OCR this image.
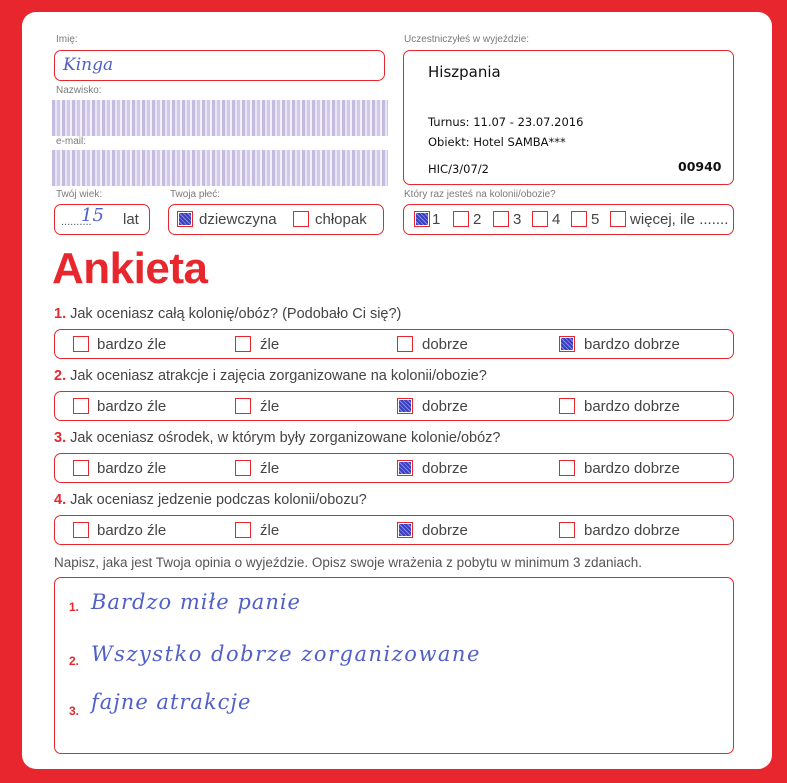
Imię:
Kinga
Nazwisko:
e-mail:
Twój wiek:
..........
15 lat
Twoja płeć:
dziewczyna	chłopak
Uczestniczyłeś w wyjeździe:
Hiszpania
Turnus: 11.07 - 23.07.2016
Obiekt: Hotel SAMBA***
HIC/3/07/2	00940
Który raz jesteś na kolonii/obozie?
1 2 3 4 5 więcej, ile .......
Ankieta
1. Jak oceniasz całą kolonię/obóz? (Podobało Ci się?)
bardzo źle	źle	dobrze	bardzo dobrze
2. Jak oceniasz atrakcje i zajęcia zorganizowane na kolonii/obozie?
bardzo źle	źle	dobrze	bardzo dobrze
3. Jak oceniasz ośrodek, w którym były zorganizowane kolonie/obóz?
bardzo źle	źle	dobrze	bardzo dobrze
4. Jak oceniasz jedzenie podczas kolonii/obozu?
bardzo źle	źle	dobrze	bardzo dobrze
Napisz, jaka jest Twoja opinia o wyjeździe. Opisz swoje wrażenia z pobytu w minimum 3 zdaniach.
1. Bardzo miłe panie
2. Wszystko dobrze zorganizowane
3. fajne atrakcje
